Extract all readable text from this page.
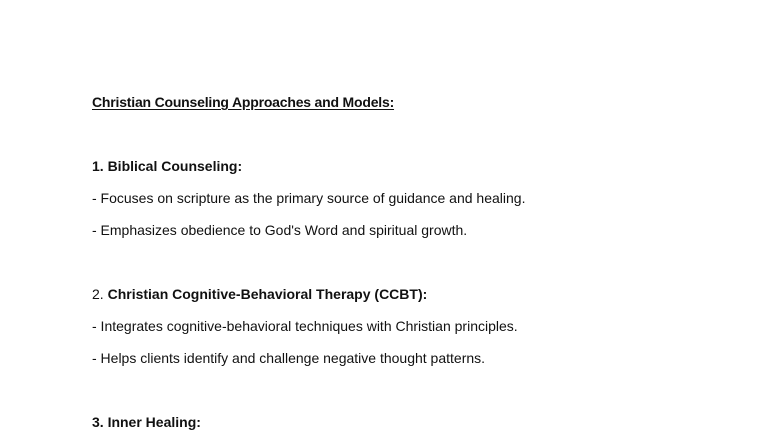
Christian Counseling Approaches and Models:

1. Biblical Counseling:

- Focuses on scripture as the primary source of guidance and healing.

- Emphasizes obedience to God's Word and spiritual growth.

2. Christian Cognitive-Behavioral Therapy (CCBT):

- Integrates cognitive-behavioral techniques with Christian principles.

- Helps clients identify and challenge negative thought patterns.

3. Inner Healing:
